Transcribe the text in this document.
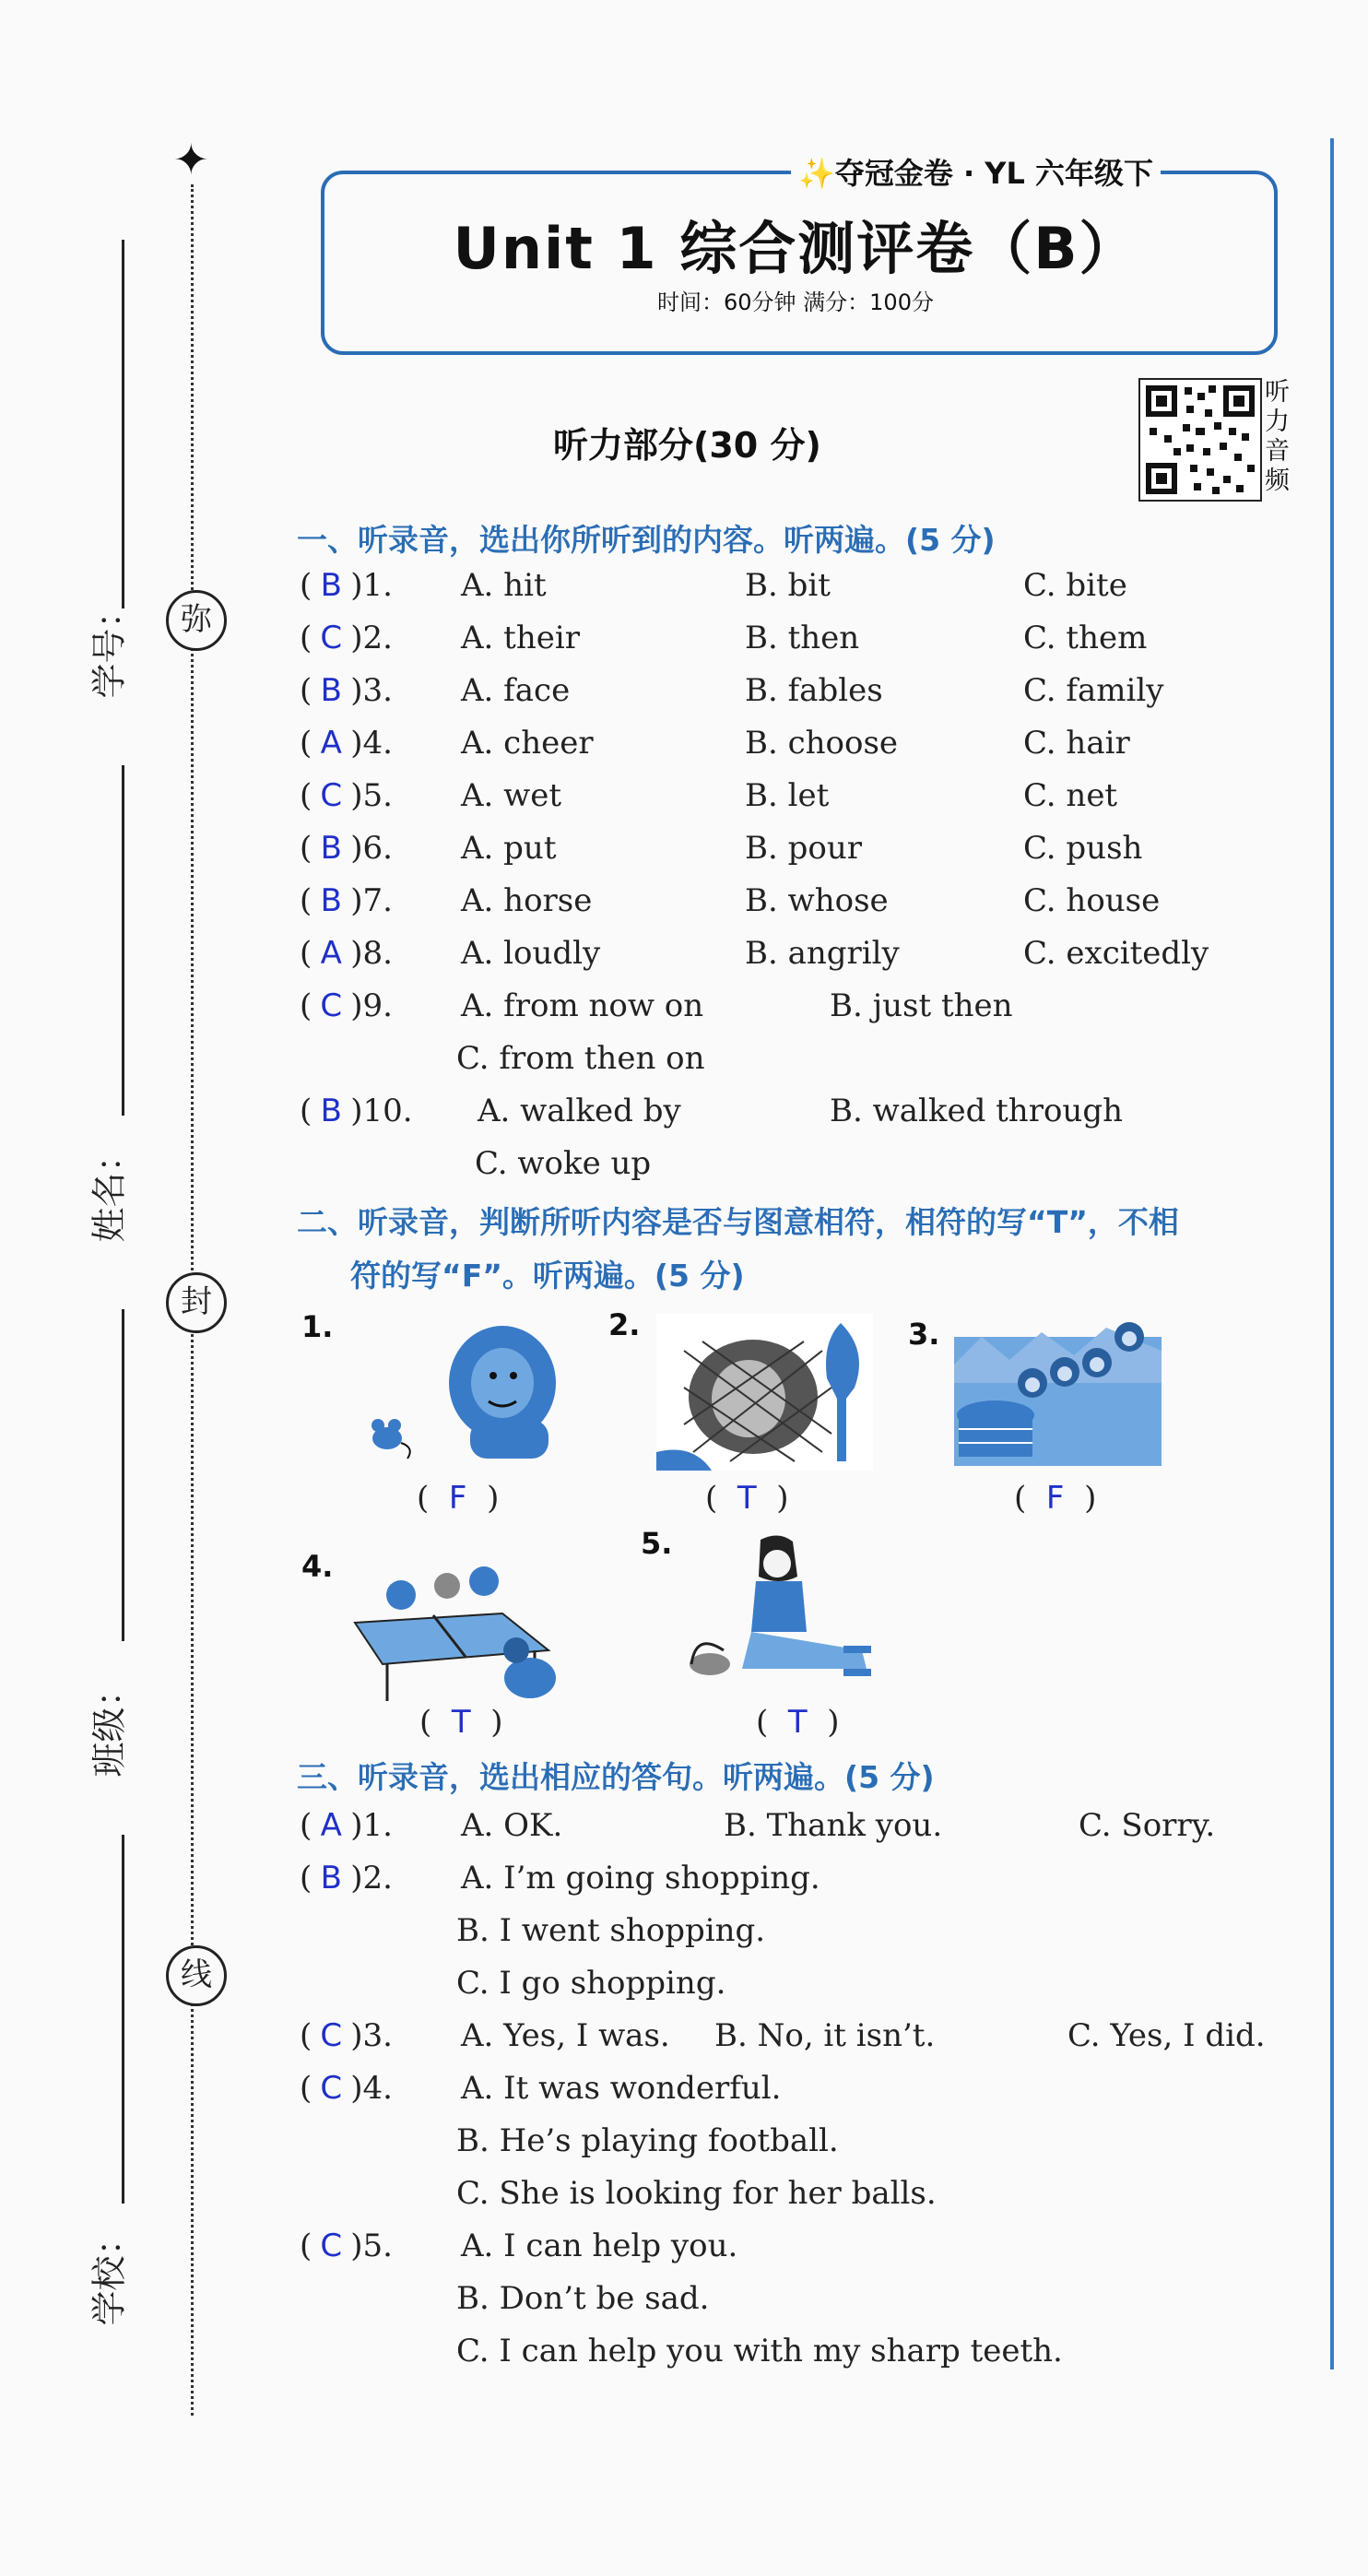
✦
学号：	弥
姓名：
封
班级：
线
学校：
✨夺冠金卷 · YL 六年级下
Unit 1 综合测评卷（B）
时间：60分钟 满分：100分
听力音频
听力部分(30 分)
一、听录音，选出你所听到的内容。听两遍。(5 分)
( B )1. A. hit	B. bit	C. bite
( C )2. A. their	B. then	C. them
( B )3. A. face	B. fables	C. family
( A )4. A. cheer	B. choose	C. hair
( C )5. A. wet	B. let	C. net
( B )6. A. put	B. pour	C. push
( B )7. A. horse	B. whose	C. house
( A )8. A. loudly	B. angrily	C. excitedly
( C )9. A. from now on	B. just then
C. from then on
( B )10. A. walked by	B. walked through
C. woke up
二、听录音，判断所听内容是否与图意相符，相符的写“T”，不相
符的写“F”。听两遍。(5 分)
1.
(  F  )
2.
(  T  )
3.
(  F  )
4.
(  T  )
5.
(  T  )
三、听录音，选出相应的答句。听两遍。(5 分)
( A )1. A. OK.	B. Thank you.	C. Sorry.
( B )2. A. I’m going shopping.
B. I went shopping.
C. I go shopping.
( C )3. A. Yes, I was. B. No, it isn’t.	C. Yes, I did.
( C )4. A. It was wonderful.
B. He’s playing football.
C. She is looking for her balls.
( C )5. A. I can help you.
B. Don’t be sad.
C. I can help you with my sharp teeth.
